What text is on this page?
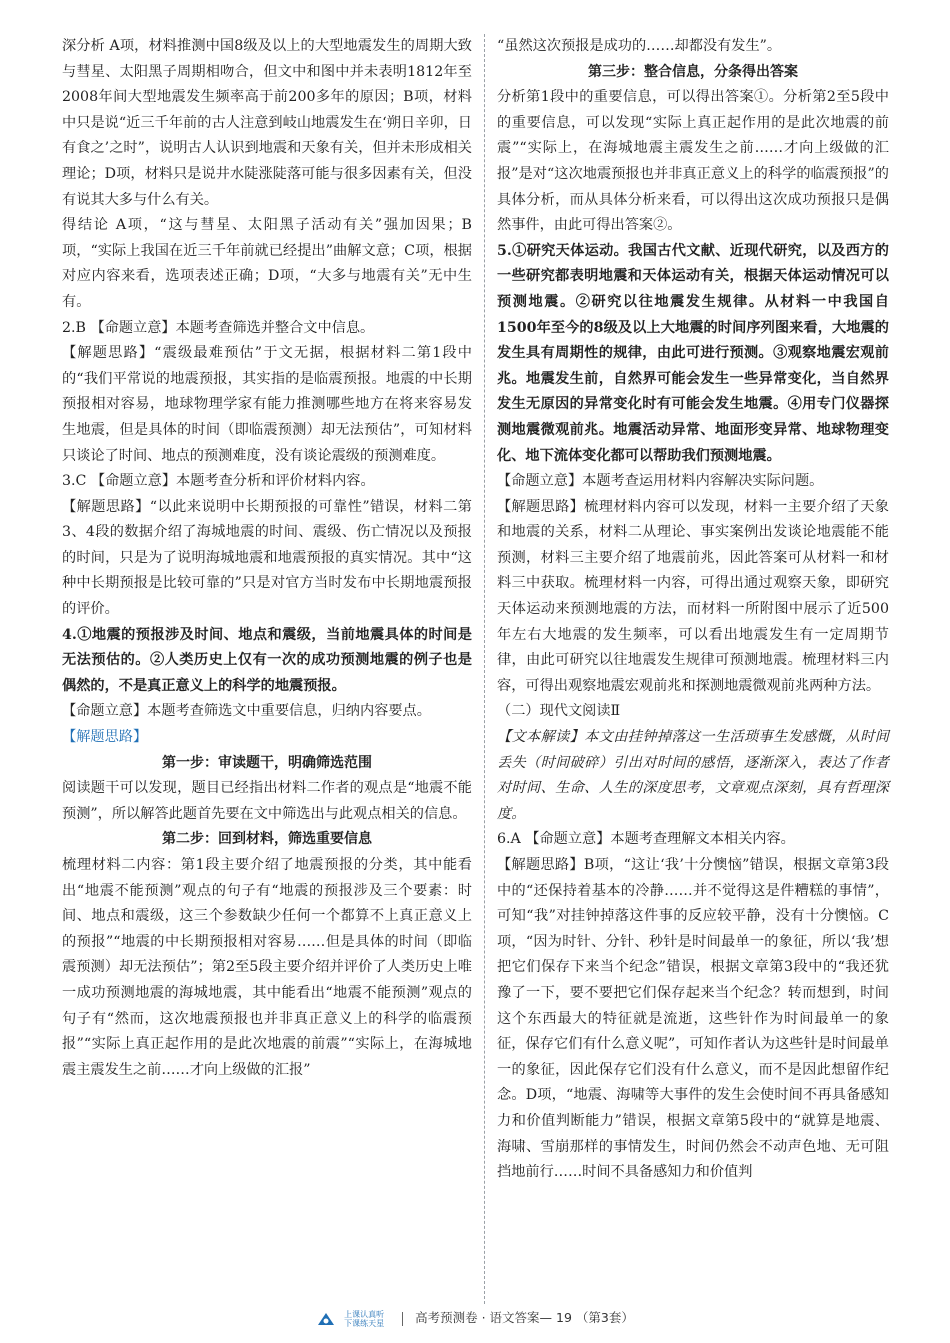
深分析 A项，材料推测中国8级及以上的大型地震发生的周期大致与彗星、太阳黑子周期相吻合，但文中和图中并未表明1812年至2008年间大型地震发生频率高于前200多年的原因；B项，材料中只是说“近三千年前的古人注意到岐山地震发生在‘朔日辛卯，日有食之’之时”，说明古人认识到地震和天象有关，但并未形成相关理论；D项，材料只是说井水陡涨陡落可能与很多因素有关，但没有说其大多与什么有关。

得结论 A项，“这与彗星、太阳黑子活动有关”强加因果；B项，“实际上我国在近三千年前就已经提出”曲解文意；C项，根据对应内容来看，选项表述正确；D项，“大多与地震有关”无中生有。

2.B 【命题立意】本题考查筛选并整合文中信息。

【解题思路】“震级最难预估”于文无据，根据材料二第1段中的“我们平常说的地震预报，其实指的是临震预报。地震的中长期预报相对容易，地球物理学家有能力推测哪些地方在将来容易发生地震，但是具体的时间（即临震预测）却无法预估”，可知材料只谈论了时间、地点的预测难度，没有谈论震级的预测难度。

3.C 【命题立意】本题考查分析和评价材料内容。

【解题思路】“以此来说明中长期预报的可靠性”错误，材料二第3、4段的数据介绍了海城地震的时间、震级、伤亡情况以及预报的时间，只是为了说明海城地震和地震预报的真实情况。其中“这种中长期预报是比较可靠的”只是对官方当时发布中长期地震预报的评价。

4.①地震的预报涉及时间、地点和震级，当前地震具体的时间是无法预估的。②人类历史上仅有一次的成功预测地震的例子也是偶然的，不是真正意义上的科学的地震预报。

【命题立意】本题考查筛选文中重要信息，归纳内容要点。

【解题思路】

第一步：审读题干，明确筛选范围

阅读题干可以发现，题目已经指出材料二作者的观点是“地震不能预测”，所以解答此题首先要在文中筛选出与此观点相关的信息。

第二步：回到材料，筛选重要信息

梳理材料二内容：第1段主要介绍了地震预报的分类，其中能看出“地震不能预测”观点的句子有“地震的预报涉及三个要素：时间、地点和震级，这三个参数缺少任何一个都算不上真正意义上的预报”“地震的中长期预报相对容易……但是具体的时间（即临震预测）却无法预估”；第2至5段主要介绍并评价了人类历史上唯一成功预测地震的海城地震，其中能看出“地震不能预测”观点的句子有“然而，这次地震预报也并非真正意义上的科学的临震预报”“实际上真正起作用的是此次地震的前震”“实际上，在海城地震主震发生之前……才向上级做的汇报”

“虽然这次预报是成功的……却都没有发生”。

第三步：整合信息，分条得出答案

分析第1段中的重要信息，可以得出答案①。分析第2至5段中的重要信息，可以发现“实际上真正起作用的是此次地震的前震”“实际上，在海城地震主震发生之前……才向上级做的汇报”是对“这次地震预报也并非真正意义上的科学的临震预报”的具体分析，而从具体分析来看，可以得出这次成功预报只是偶然事件，由此可得出答案②。

5.①研究天体运动。我国古代文献、近现代研究，以及西方的一些研究都表明地震和天体运动有关，根据天体运动情况可以预测地震。②研究以往地震发生规律。从材料一中我国自1500年至今的8级及以上大地震的时间序列图来看，大地震的发生具有周期性的规律，由此可进行预测。③观察地震宏观前兆。地震发生前，自然界可能会发生一些异常变化，当自然界发生无原因的异常变化时有可能会发生地震。④用专门仪器探测地震微观前兆。地震活动异常、地面形变异常、地球物理变化、地下流体变化都可以帮助我们预测地震。

【命题立意】本题考查运用材料内容解决实际问题。

【解题思路】梳理材料内容可以发现，材料一主要介绍了天象和地震的关系，材料二从理论、事实案例出发谈论地震能不能预测，材料三主要介绍了地震前兆，因此答案可从材料一和材料三中获取。梳理材料一内容，可得出通过观察天象，即研究天体运动来预测地震的方法，而材料一所附图中展示了近500年左右大地震的发生频率，可以看出地震发生有一定周期节律，由此可研究以往地震发生规律可预测地震。梳理材料三内容，可得出观察地震宏观前兆和探测地震微观前兆两种方法。

（二）现代文阅读Ⅱ

【文本解读】本文由挂钟掉落这一生活琐事生发感慨，从时间丢失（时间破碎）引出对时间的感悟，逐渐深入，表达了作者对时间、生命、人生的深度思考，文章观点深刻，具有哲理深度。

6.A 【命题立意】本题考查理解文本相关内容。

【解题思路】B项，“这让‘我’十分懊恼”错误，根据文章第3段中的“还保持着基本的冷静……并不觉得这是件糟糕的事情”，可知“我”对挂钟掉落这件事的反应较平静，没有十分懊恼。C项，“因为时针、分针、秒针是时间最单一的象征，所以‘我’想把它们保存下来当个纪念”错误，根据文章第3段中的“我还犹豫了一下，要不要把它们保存起来当个纪念？转而想到，时间这个东西最大的特征就是流逝，这些针作为时间最单一的象征，保存它们有什么意义呢”，可知作者认为这些针是时间最单一的象征，因此保存它们没有什么意义，而不是因此想留作纪念。D项，“地震、海啸等大事件的发生会使时间不再具备感知力和价值判断能力”错误，根据文章第5段中的“就算是地震、海啸、雪崩那样的事情发生，时间仍然会不动声色地、无可阻挡地前行……时间不具备感知力和价值判

上课认真听
下课练天星 高考预测卷 · 语文答案— 19 （第3套）
